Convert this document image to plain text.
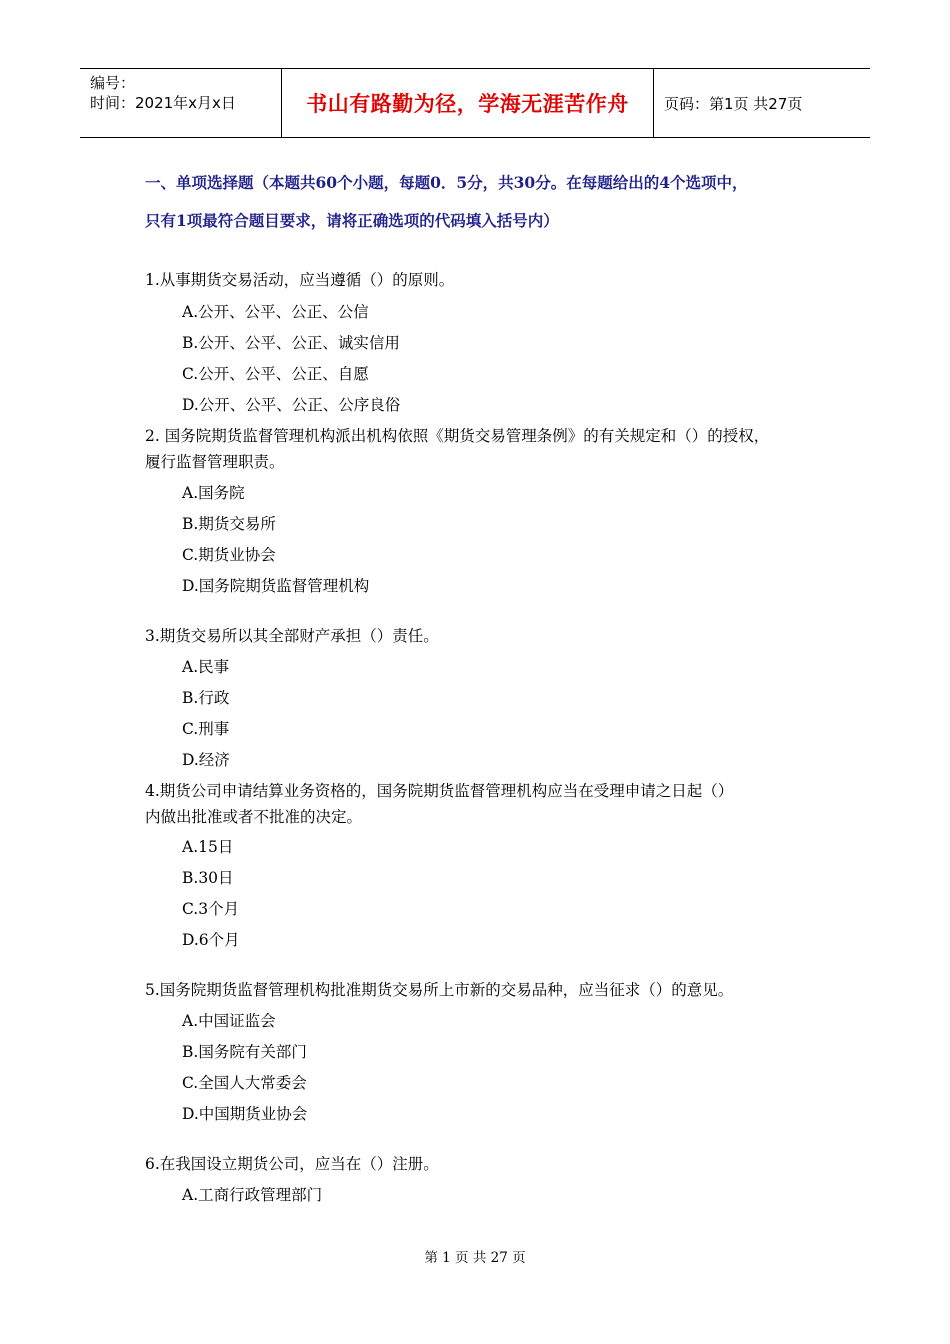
编号：
时间：2021年x月x日	书山有路勤为径，学海无涯苦作舟 页码：第1页 共27页
一、单项选择题（本题共60个小题，每题0．5分，共30分。在每题给出的4个选项中，
只有1项最符合题目要求，请将正确选项的代码填入括号内）
1.从事期货交易活动，应当遵循（）的原则。
A.公开、公平、公正、公信
B.公开、公平、公正、诚实信用
C.公开、公平、公正、自愿
D.公开、公平、公正、公序良俗
2. 国务院期货监督管理机构派出机构依照《期货交易管理条例》的有关规定和（）的授权，
履行监督管理职责。
A.国务院
B.期货交易所
C.期货业协会
D.国务院期货监督管理机构
3.期货交易所以其全部财产承担（）责任。
A.民事
B.行政
C.刑事
D.经济
4.期货公司申请结算业务资格的，国务院期货监督管理机构应当在受理申请之日起（）
内做出批准或者不批准的决定。
A.15日
B.30日
C.3个月
D.6个月
5.国务院期货监督管理机构批准期货交易所上市新的交易品种，应当征求（）的意见。
A.中国证监会
B.国务院有关部门
C.全国人大常委会
D.中国期货业协会
6.在我国设立期货公司，应当在（）注册。
A.工商行政管理部门
第 1 页 共 27 页
